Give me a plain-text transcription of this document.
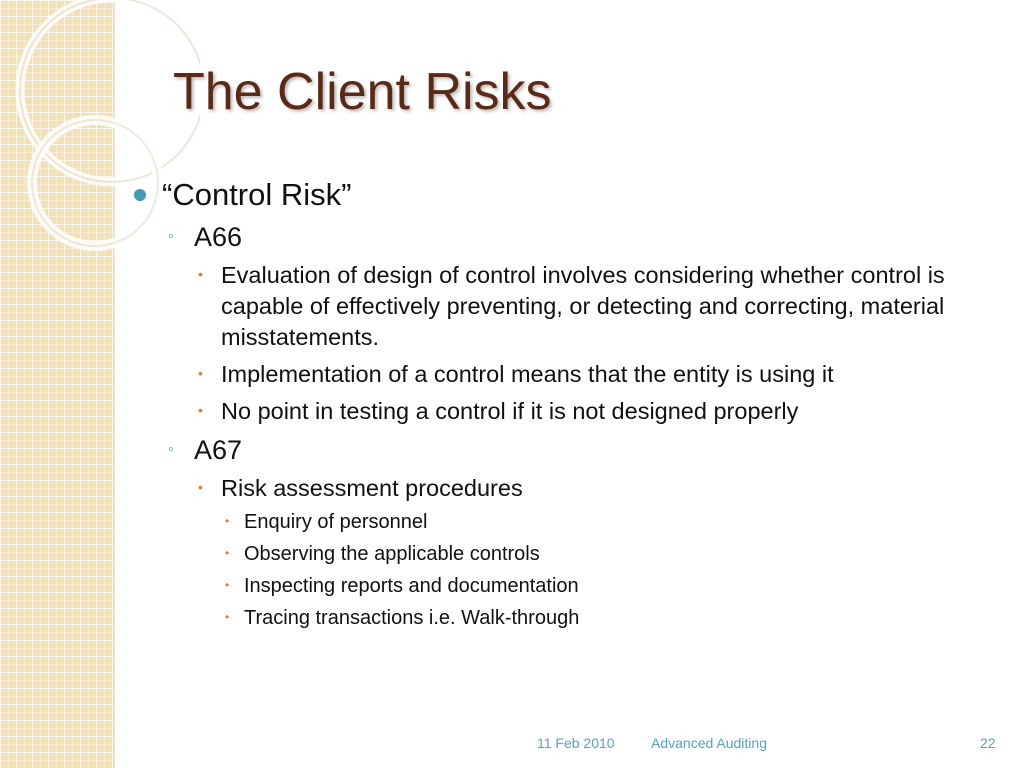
The Client Risks
“Control Risk”
◦ A66
• Evaluation of design of control involves considering whether control is capable of effectively preventing, or detecting and correcting, material misstatements.
• Implementation of a control means that the entity is using it
• No point in testing a control if it is not designed properly
◦ A67
• Risk assessment procedures
• Enquiry of personnel
• Observing the applicable controls
• Inspecting reports and documentation
• Tracing transactions i.e. Walk-through
11 Feb 2010	Advanced Auditing	22
